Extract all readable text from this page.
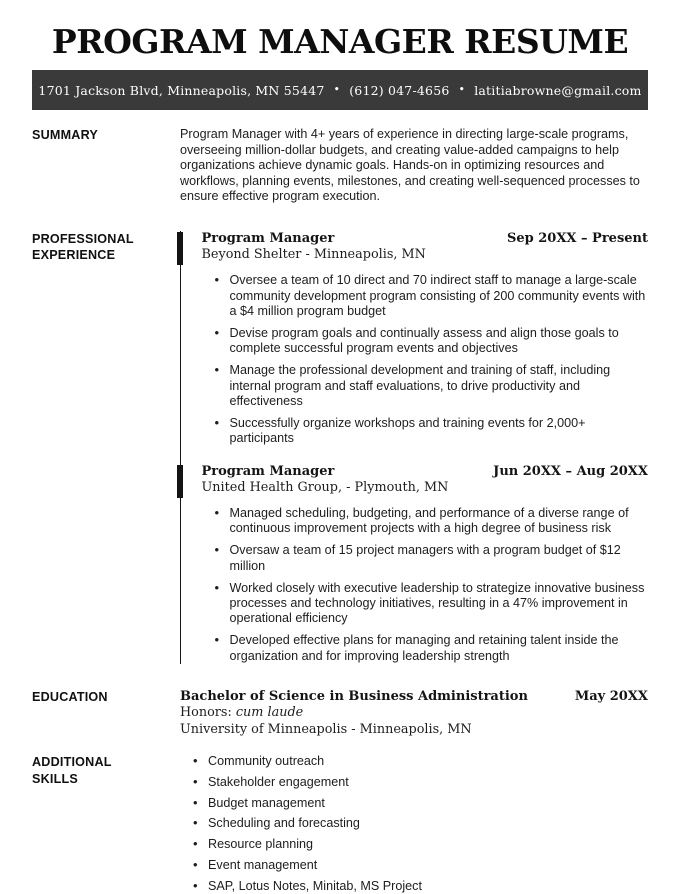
PROGRAM MANAGER RESUME
1701 Jackson Blvd, Minneapolis, MN 55447 • (612) 047-4656 • latitiabrowne@gmail.com
SUMMARY	Program Manager with 4+ years of experience in directing large-scale programs, overseeing million-dollar budgets, and creating value-added campaigns to help organizations achieve dynamic goals. Hands-on in optimizing resources and workflows, planning events, milestones, and creating well-sequenced processes to ensure effective program execution.

PROFESSIONAL
EXPERIENCE
Program Manager	Sep 20XX – Present
Beyond Shelter - Minneapolis, MN
• Oversee a team of 10 direct and 70 indirect staff to manage a large-scale community development program consisting of 200 community events with a $4 million program budget
• Devise program goals and continually assess and align those goals to complete successful program events and objectives
• Manage the professional development and training of staff, including internal program and staff evaluations, to drive productivity and effectiveness
• Successfully organize workshops and training events for 2,000+ participants
Program Manager	Jun 20XX – Aug 20XX
United Health Group, - Plymouth, MN
• Managed scheduling, budgeting, and performance of a diverse range of continuous improvement projects with a high degree of business risk
• Oversaw a team of 15 project managers with a program budget of $12 million
• Worked closely with executive leadership to strategize innovative business processes and technology initiatives, resulting in a 47% improvement in operational efficiency
• Developed effective plans for managing and retaining talent inside the organization and for improving leadership strength
EDUCATION	Bachelor of Science in Business Administration	May 20XX
Honors: cum laude
University of Minneapolis - Minneapolis, MN
ADDITIONAL
SKILLS
• Community outreach
• Stakeholder engagement
• Budget management
• Scheduling and forecasting
• Resource planning
• Event management
• SAP, Lotus Notes, Minitab, MS Project
